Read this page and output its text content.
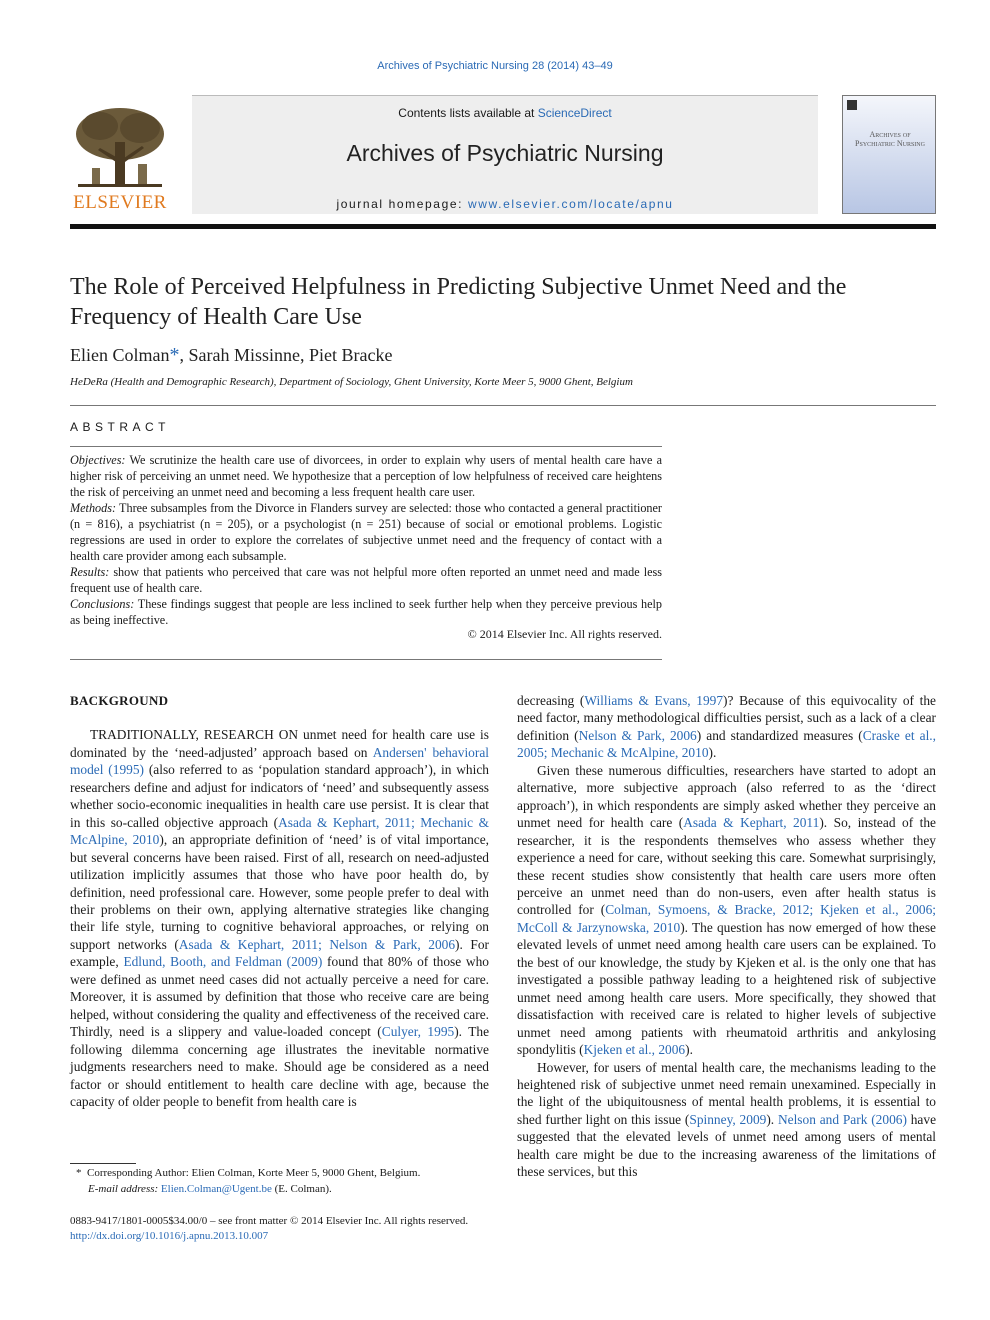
Archives of Psychiatric Nursing 28 (2014) 43–49
ELSEVIER
Contents lists available at ScienceDirect
Archives of Psychiatric Nursing
journal homepage: www.elsevier.com/locate/apnu
Archives of Psychiatric Nursing
The Role of Perceived Helpfulness in Predicting Subjective Unmet Need and the Frequency of Health Care Use
Elien Colman*, Sarah Missinne, Piet Bracke
HeDeRa (Health and Demographic Research), Department of Sociology, Ghent University, Korte Meer 5, 9000 Ghent, Belgium
ABSTRACT

Objectives: We scrutinize the health care use of divorcees, in order to explain why users of mental health care have a higher risk of perceiving an unmet need. We hypothesize that a perception of low helpfulness of received care heightens the risk of perceiving an unmet need and becoming a less frequent health care user.

Methods: Three subsamples from the Divorce in Flanders survey are selected: those who contacted a general practitioner (n = 816), a psychiatrist (n = 205), or a psychologist (n = 251) because of social or emotional problems. Logistic regressions are used in order to explore the correlates of subjective unmet need and the frequency of contact with a health care provider among each subsample.

Results: show that patients who perceived that care was not helpful more often reported an unmet need and made less frequent use of health care.

Conclusions: These findings suggest that people are less inclined to seek further help when they perceive previous help as being ineffective.

© 2014 Elsevier Inc. All rights reserved.

BACKGROUND

TRADITIONALLY, RESEARCH ON unmet need for health care use is dominated by the ‘need-adjusted’ approach based on Andersen' behavioral model (1995) (also referred to as ‘population standard approach’), in which researchers define and adjust for indicators of ‘need’ and subsequently assess whether socio-economic inequalities in health care use persist. It is clear that in this so-called objective approach (Asada & Kephart, 2011; Mechanic & McAlpine, 2010), an appropriate definition of ‘need’ is of vital importance, but several concerns have been raised. First of all, research on need-adjusted utilization implicitly assumes that those who have poor health do, by definition, need professional care. However, some people prefer to deal with their problems on their own, applying alternative strategies like changing their life style, turning to cognitive behavioral approaches, or relying on support networks (Asada & Kephart, 2011; Nelson & Park, 2006). For example, Edlund, Booth, and Feldman (2009) found that 80% of those who were defined as unmet need cases did not actually perceive a need for care. Moreover, it is assumed by definition that those who receive care are being helped, without considering the quality and effectiveness of the received care. Thirdly, need is a slippery and value-loaded concept (Culyer, 1995). The following dilemma concerning age illustrates the inevitable normative judgments researchers need to make. Should age be considered as a need factor or should entitlement to health care decline with age, because the capacity of older people to benefit from health care is

decreasing (Williams & Evans, 1997)? Because of this equivocality of the need factor, many methodological difficulties persist, such as a lack of a clear definition (Nelson & Park, 2006) and standardized measures (Craske et al., 2005; Mechanic & McAlpine, 2010).

Given these numerous difficulties, researchers have started to adopt an alternative, more subjective approach (also referred to as the ‘direct approach’), in which respondents are simply asked whether they perceive an unmet need for health care (Asada & Kephart, 2011). So, instead of the researcher, it is the respondents themselves who assess whether they experience a need for care, without seeking this care. Somewhat surprisingly, these recent studies show consistently that health care users more often perceive an unmet need than do non-users, even after health status is controlled for (Colman, Symoens, & Bracke, 2012; Kjeken et al., 2006; McColl & Jarzynowska, 2010). The question has now emerged of how these elevated levels of unmet need among health care users can be explained. To the best of our knowledge, the study by Kjeken et al. is the only one that has investigated a possible pathway leading to a heightened risk of subjective unmet need among health care users. More specifically, they showed that dissatisfaction with received care is related to higher levels of subjective unmet need among patients with rheumatoid arthritis and ankylosing spondylitis (Kjeken et al., 2006).

However, for users of mental health care, the mechanisms leading to the heightened risk of subjective unmet need remain unexamined. Especially in the light of the ubiquitousness of mental health problems, it is essential to shed further light on this issue (Spinney, 2009). Nelson and Park (2006) have suggested that the elevated levels of unmet need among users of mental health care might be due to the increasing awareness of the limitations of these services, but this

* Corresponding Author: Elien Colman, Korte Meer 5, 9000 Ghent, Belgium.
E-mail address: Elien.Colman@Ugent.be (E. Colman).
0883-9417/1801-0005$34.00/0 – see front matter © 2014 Elsevier Inc. All rights reserved.
http://dx.doi.org/10.1016/j.apnu.2013.10.007
